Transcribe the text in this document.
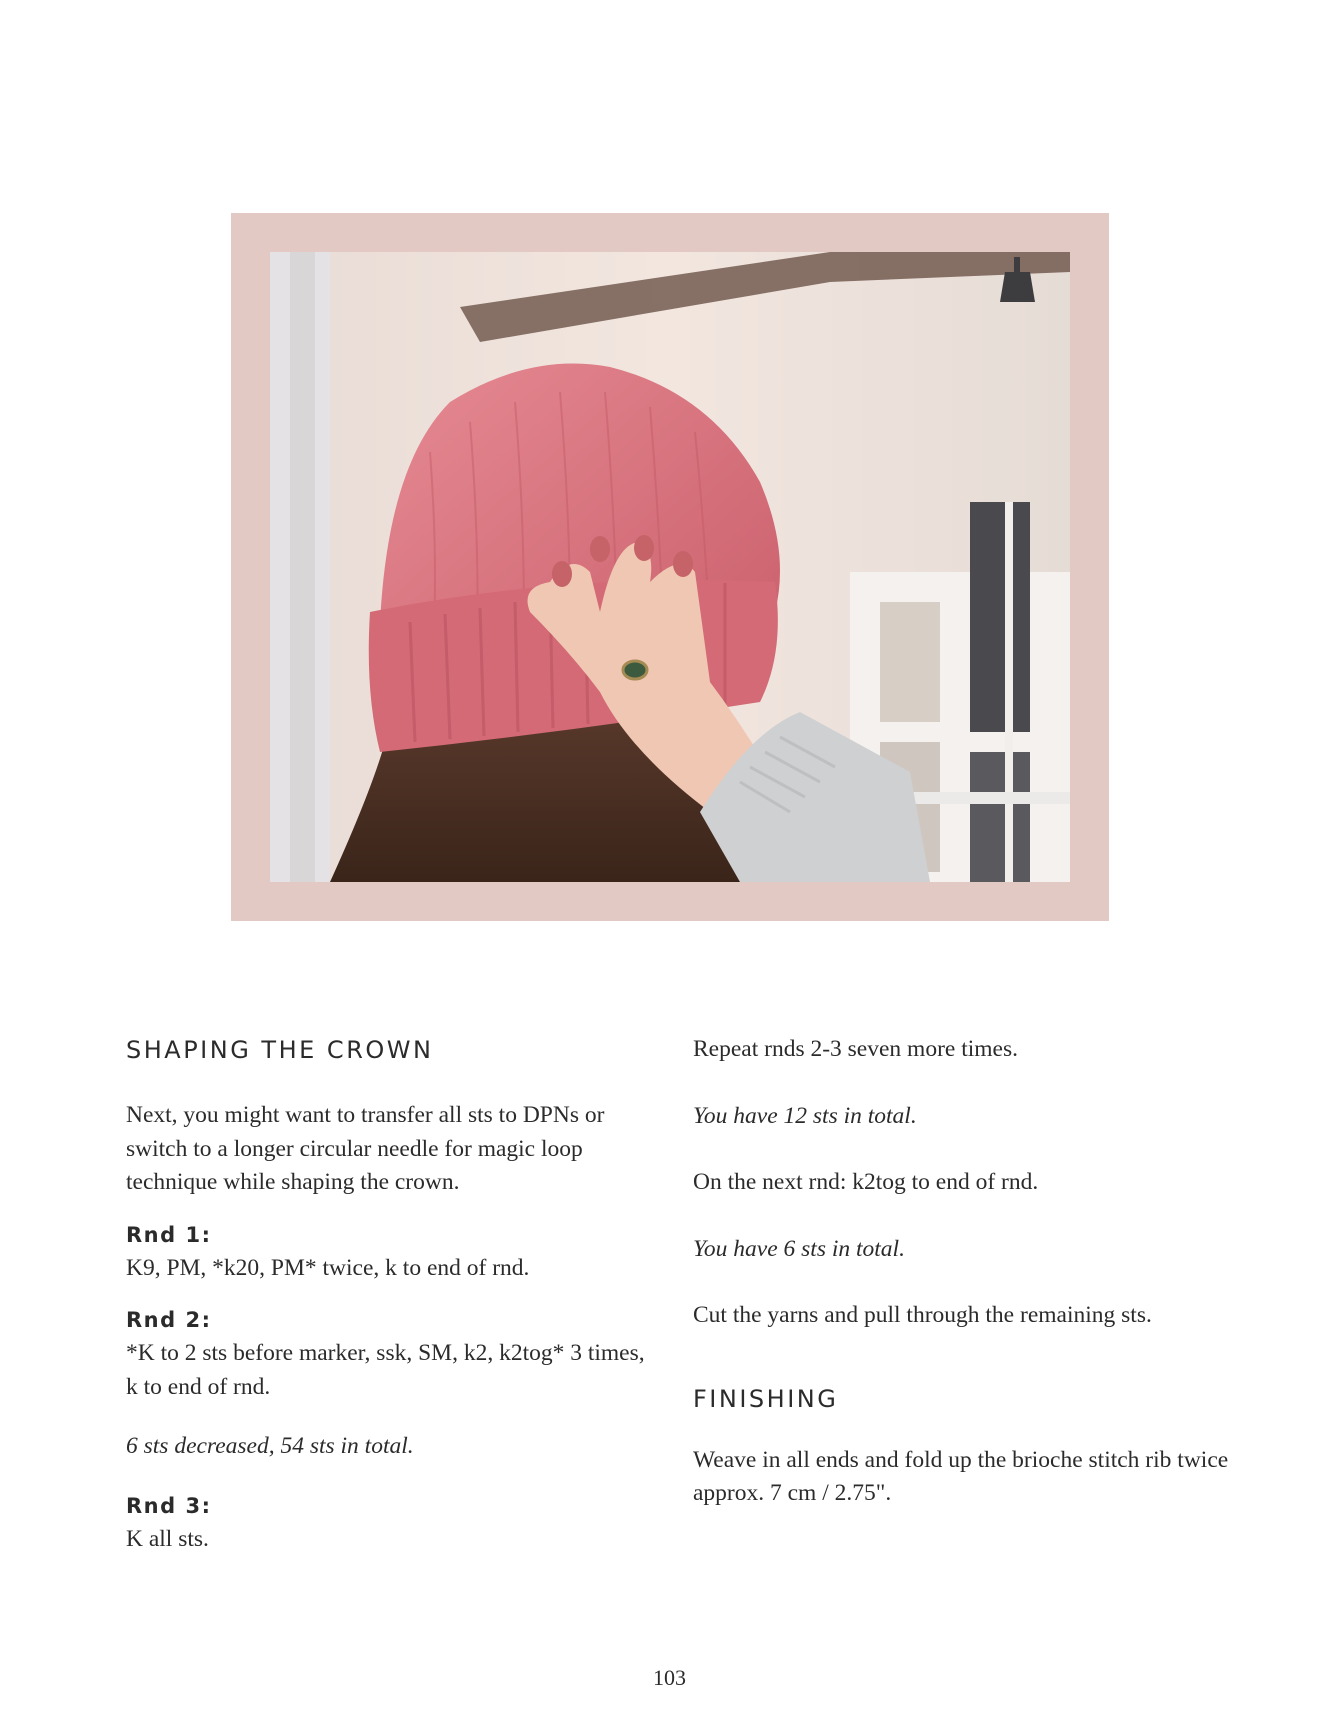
SHAPING THE CROWN

Next, you might want to transfer all sts to DPNs or switch to a longer circular needle for magic loop technique while shaping the crown.

Rnd 1:

K9, PM, *k20, PM* twice, k to end of rnd.

Rnd 2:

*K to 2 sts before marker, ssk, SM, k2, k2tog* 3 times, k to end of rnd.

6 sts decreased, 54 sts in total.

Rnd 3:

K all sts.

Repeat rnds 2-3 seven more times.

You have 12 sts in total.

On the next rnd: k2tog to end of rnd.

You have 6 sts in total.

Cut the yarns and pull through the remaining sts.

FINISHING

Weave in all ends and fold up the brioche stitch rib twice approx. 7 cm / 2.75".

103
